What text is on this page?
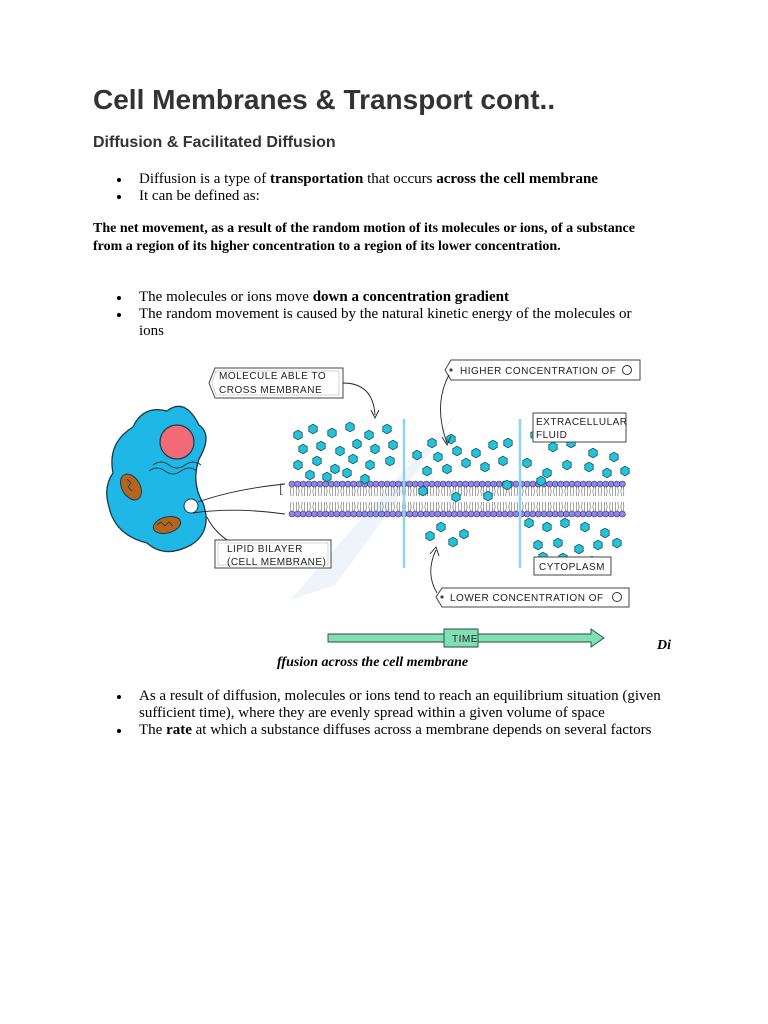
Cell Membranes & Transport cont..
Diffusion & Facilitated Diffusion
Diffusion is a type of transportation that occurs across the cell membrane
It can be defined as:

The net movement, as a result of the random motion of its molecules or ions, of a substance from a region of its higher concentration to a region of its lower concentration.

The molecules or ions move down a concentration gradient
The random movement is caused by the natural kinetic energy of the molecules or ions
[
MOLECULE ABLE TO
CROSS MEMBRANE
HIGHER CONCENTRATION OF
EXTRACELLULAR
FLUID
LIPID BILAYER
(CELL MEMBRANE)	CYTOPLASM
LOWER CONCENTRATION OF
TIME	Di
ffusion across the cell membrane
As a result of diffusion, molecules or ions tend to reach an equilibrium situation (given sufficient time), where they are evenly spread within a given volume of space
The rate at which a substance diffuses across a membrane depends on several factors
